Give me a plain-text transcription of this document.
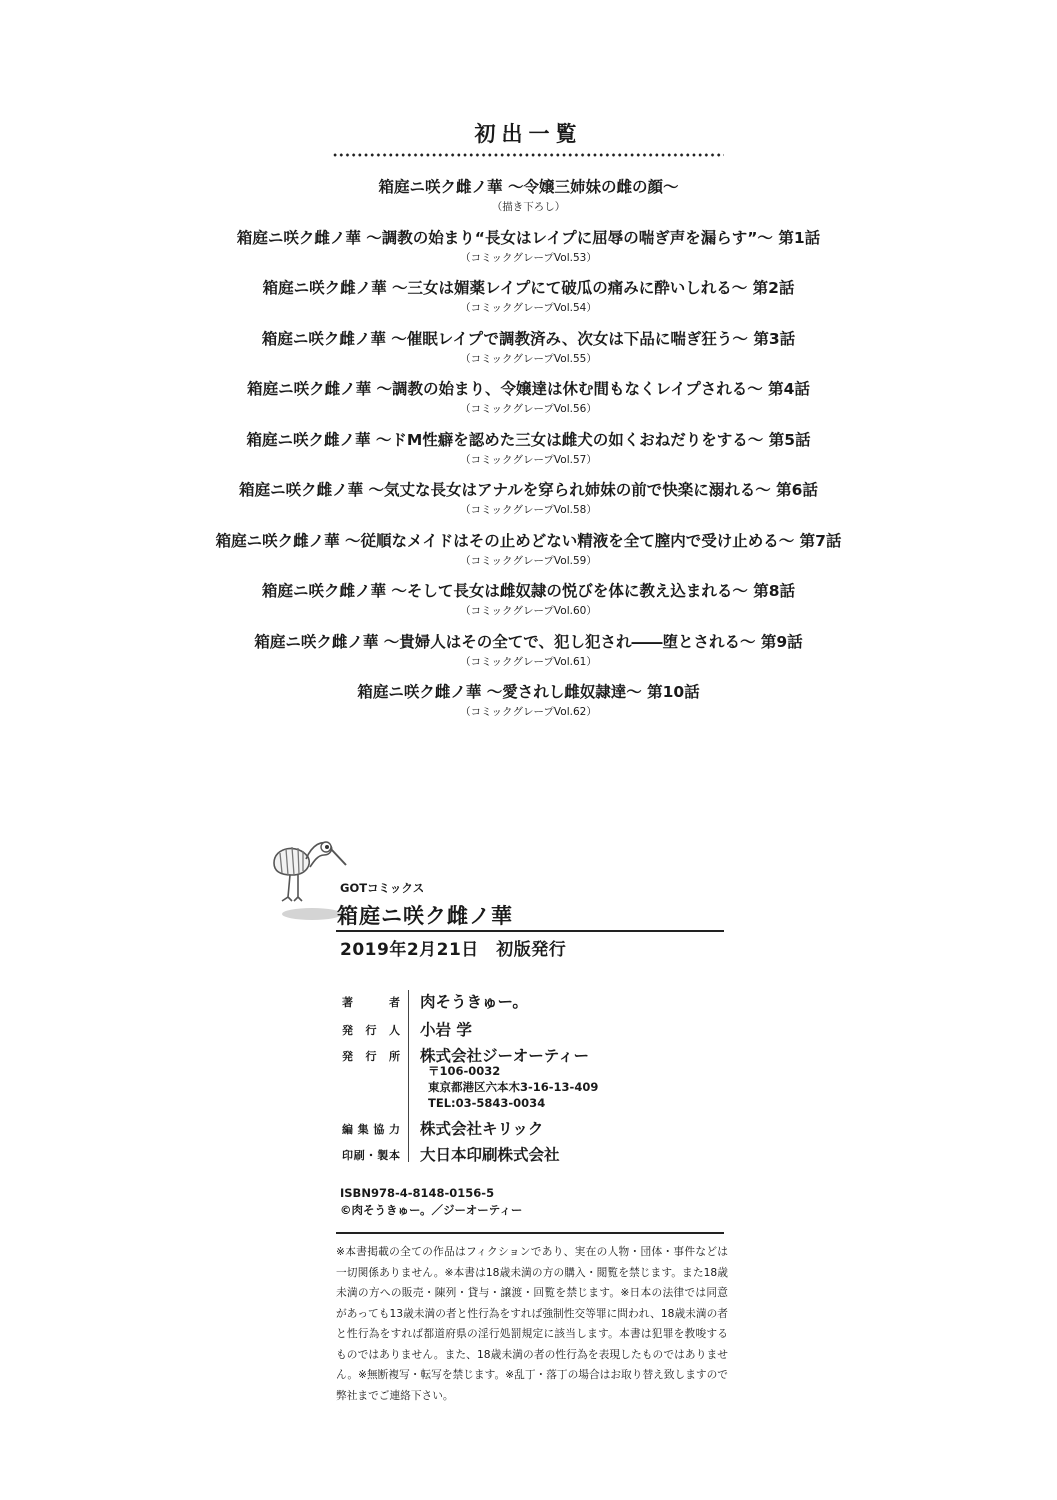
初出一覧
箱庭ニ咲ク雌ノ華 ～令嬢三姉妹の雌の顔～
（描き下ろし）
箱庭ニ咲ク雌ノ華 ～調教の始まり“長女はレイプに屈辱の喘ぎ声を漏らす”～ 第1話
（コミックグレープVol.53）
箱庭ニ咲ク雌ノ華 ～三女は媚薬レイプにて破瓜の痛みに酔いしれる～ 第2話
（コミックグレープVol.54）
箱庭ニ咲ク雌ノ華 ～催眠レイプで調教済み、次女は下品に喘ぎ狂う～ 第3話
（コミックグレープVol.55）
箱庭ニ咲ク雌ノ華 ～調教の始まり、令嬢達は休む間もなくレイプされる～ 第4話
（コミックグレープVol.56）
箱庭ニ咲ク雌ノ華 ～ドM性癖を認めた三女は雌犬の如くおねだりをする～ 第5話
（コミックグレープVol.57）
箱庭ニ咲ク雌ノ華 ～気丈な長女はアナルを穿られ姉妹の前で快楽に溺れる～ 第6話
（コミックグレープVol.58）
箱庭ニ咲ク雌ノ華 ～従順なメイドはその止めどない精液を全て膣内で受け止める～ 第7話
（コミックグレープVol.59）
箱庭ニ咲ク雌ノ華 ～そして長女は雌奴隷の悦びを体に教え込まれる～ 第8話
（コミックグレープVol.60）
箱庭ニ咲ク雌ノ華 ～貴婦人はその全てで、犯し犯され――堕とされる～ 第9話
（コミックグレープVol.61）
箱庭ニ咲ク雌ノ華 ～愛されし雌奴隷達～ 第10話
（コミックグレープVol.62）
GOTコミックス
箱庭ニ咲ク雌ノ華
2019年2月21日　初版発行
著者 肉そうきゅー。
発行人 小岩 学
発行所 株式会社ジーオーティー
編集協力 株式会社キリック
印刷・製本 大日本印刷株式会社
〒106-0032
東京都港区六本木3-16-13-409
TEL:03-5843-0034
ISBN978-4-8148-0156-5
©肉そうきゅー。／ジーオーティー
※本書掲載の全ての作品はフィクションであり、実在の人物・団体・事件などは一切関係ありません。※本書は18歳未満の方の購入・閲覧を禁じます。また18歳未満の方への販売・陳列・貸与・譲渡・回覧を禁じます。※日本の法律では同意があっても13歳未満の者と性行為をすれば強制性交等罪に問われ、18歳未満の者と性行為をすれば都道府県の淫行処罰規定に該当します。本書は犯罪を教唆するものではありません。また、18歳未満の者の性行為を表現したものではありません。※無断複写・転写を禁じます。※乱丁・落丁の場合はお取り替え致しますので弊社までご連絡下さい。
